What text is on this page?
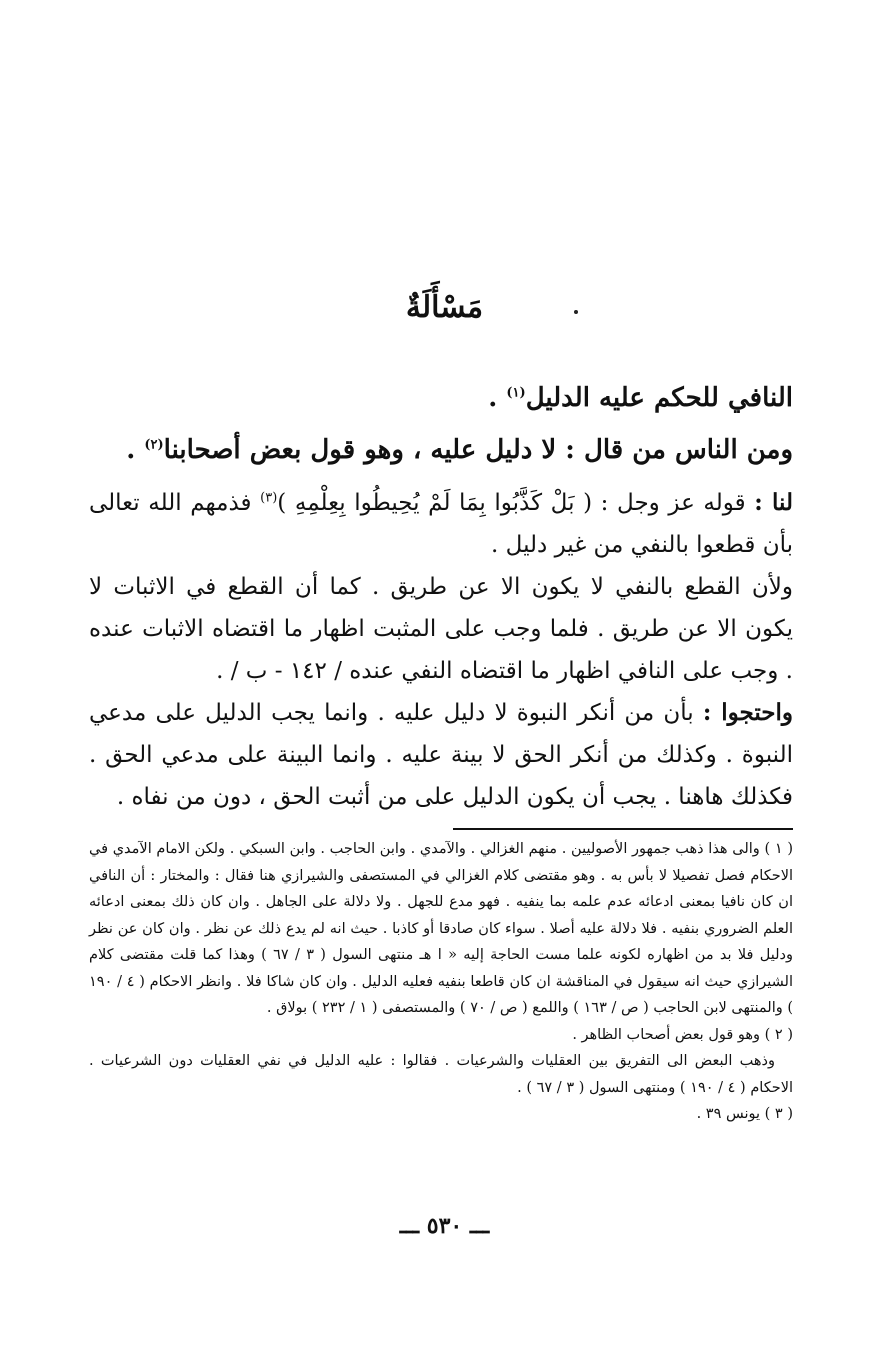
مَسْأَلَةٌ

النافي للحكم عليه الدليل$^{(١)}$ .

ومن الناس من قال : لا دليل عليه ، وهو قول بعض أصحابنا$^{(٢)}$ .

لنا : قوله عز وجل : ( بَلْ كَذَّبُوا بِمَا لَمْ يُحِيطُوا بِعِلْمِهِ )$^{(٣)}$ فذمهم الله تعالى بأن قطعوا بالنفي من غير دليل .

ولأن القطع بالنفي لا يكون الا عن طريق . كما أن القطع في الاثبات لا يكون الا عن طريق . فلما وجب على المثبت اظهار ما اقتضاه الاثبات عنده . وجب على النافي اظهار ما اقتضاه النفي عنده / ١٤٢ - ب / .

واحتجوا : بأن من أنكر النبوة لا دليل عليه . وانما يجب الدليل على مدعي النبوة . وكذلك من أنكر الحق لا بينة عليه . وانما البينة على مدعي الحق . فكذلك هاهنا . يجب أن يكون الدليل على من أثبت الحق ، دون من نفاه .

( ١ ) والى هذا ذهب جمهور الأصوليين . منهم الغزالي . والآمدي . وابن الحاجب . وابن السبكي . ولكن الامام الآمدي في الاحكام فصل تفصيلا لا بأس به . وهو مقتضى كلام الغزالي في المستصفى والشيرازي هنا فقال : والمختار : أن النافي ان كان نافيا بمعنى ادعائه عدم علمه بما ينفيه . فهو مدع للجهل . ولا دلالة على الجاهل . وان كان ذلك بمعنى ادعائه العلم الضروري بنفيه . فلا دلالة عليه أصلا . سواء كان صادقا أو كاذبا . حيث انه لم يدع ذلك عن نظر . وان كان عن نظر ودليل فلا بد من اظهاره لكونه علما مست الحاجة إليه « ا هـ منتهى السول ( ٣ / ٦٧ ) وهذا كما قلت مقتضى كلام الشيرازي حيث انه سيقول في المناقشة ان كان قاطعا بنفيه فعليه الدليل . وان كان شاكا فلا . وانظر الاحكام ( ٤ / ١٩٠ ) والمنتهى لابن الحاجب ( ص / ١٦٣ ) واللمع ( ص / ٧٠ ) والمستصفى ( ١ / ٢٣٢ ) بولاق .

( ٢ ) وهو قول بعض أصحاب الظاهر .

وذهب البعض الى التفريق بين العقليات والشرعيات . فقالوا : عليه الدليل في نفي العقليات دون الشرعيات . الاحكام ( ٤ / ١٩٠ ) ومنتهى السول ( ٣ / ٦٧ ) .

( ٣ ) يونس ٣٩ .

ـــ ٥٣٠ ـــ
